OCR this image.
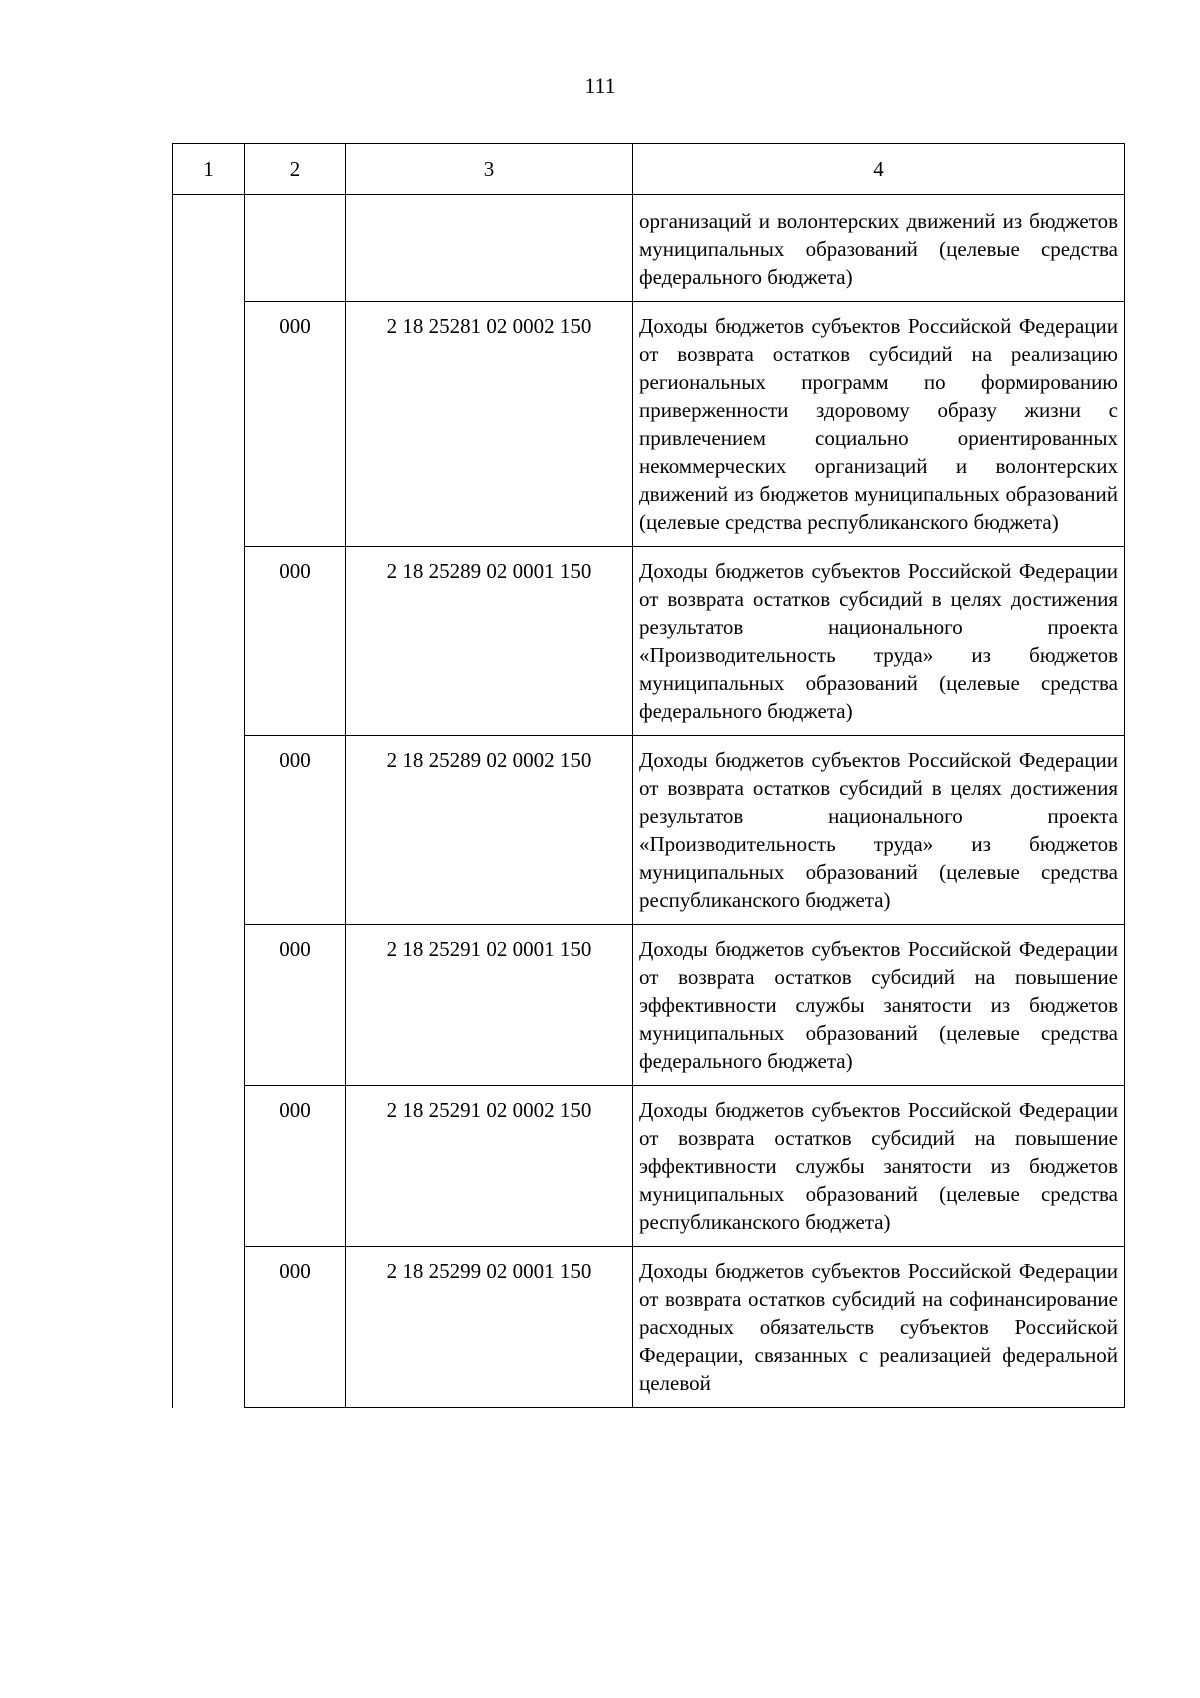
111
1	2	3	4
			организаций и волонтерских движений из бюджетов муниципальных образований (целевые средства федерального бюджета)
	000	2 18 25281 02 0002 150	Доходы бюджетов субъектов Российской Федерации от возврата остатков субсидий на реализацию региональных программ по формированию приверженности здоровому образу жизни с привлечением социально ориентированных некоммерческих организаций и волонтерских движений из бюджетов муниципальных образований (целевые средства республиканского бюджета)
	000	2 18 25289 02 0001 150	Доходы бюджетов субъектов Российской Федерации от возврата остатков субсидий в целях достижения результатов национального проекта «Производительность труда» из бюджетов муниципальных образований (целевые средства федерального бюджета)
	000	2 18 25289 02 0002 150	Доходы бюджетов субъектов Российской Федерации от возврата остатков субсидий в целях достижения результатов национального проекта «Производительность труда» из бюджетов муниципальных образований (целевые средства республиканского бюджета)
	000	2 18 25291 02 0001 150	Доходы бюджетов субъектов Российской Федерации от возврата остатков субсидий на повышение эффективности службы занятости из бюджетов муниципальных образований (целевые средства федерального бюджета)
	000	2 18 25291 02 0002 150	Доходы бюджетов субъектов Российской Федерации от возврата остатков субсидий на повышение эффективности службы занятости из бюджетов муниципальных образований (целевые средства республиканского бюджета)
	000	2 18 25299 02 0001 150	Доходы бюджетов субъектов Российской Федерации от возврата остатков субсидий на софинансирование расходных обязательств субъектов Российской Федерации, связанных с реализацией федеральной целевой
